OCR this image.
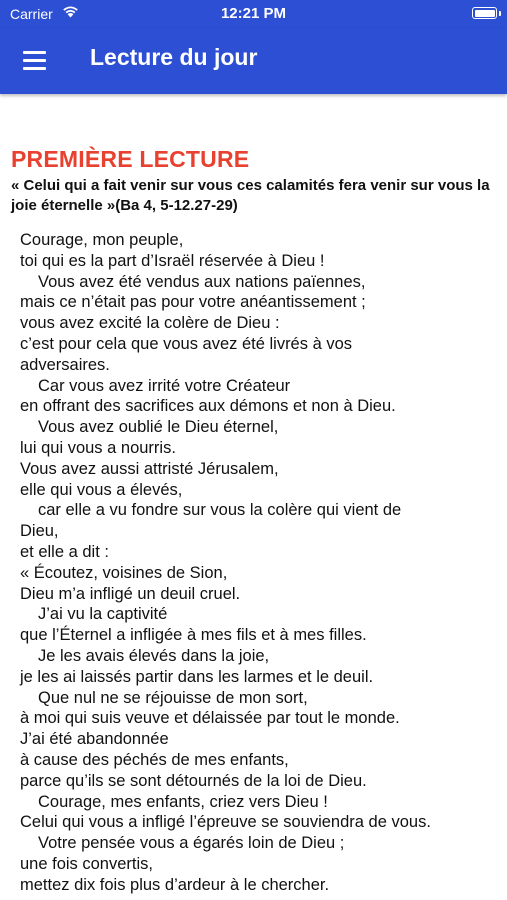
Carrier	12:21 PM
Lecture du jour
PREMIÈRE LECTURE
« Celui qui a fait venir sur vous ces calamités fera venir sur vous la joie éternelle »(Ba 4, 5-12.27-29)
Courage, mon peuple,
toi qui es la part d’Israël réservée à Dieu !
Vous avez été vendus aux nations païennes,
mais ce n’était pas pour votre anéantissement ;
vous avez excité la colère de Dieu :
c’est pour cela que vous avez été livrés à vos
adversaires.
Car vous avez irrité votre Créateur
en offrant des sacrifices aux démons et non à Dieu.
Vous avez oublié le Dieu éternel,
lui qui vous a nourris.
Vous avez aussi attristé Jérusalem,
elle qui vous a élevés,
car elle a vu fondre sur vous la colère qui vient de
Dieu,
et elle a dit :
« Écoutez, voisines de Sion,
Dieu m’a infligé un deuil cruel.
J’ai vu la captivité
que l’Éternel a infligée à mes fils et à mes filles.
Je les avais élevés dans la joie,
je les ai laissés partir dans les larmes et le deuil.
Que nul ne se réjouisse de mon sort,
à moi qui suis veuve et délaissée par tout le monde.
J’ai été abandonnée
à cause des péchés de mes enfants,
parce qu’ils se sont détournés de la loi de Dieu.
Courage, mes enfants, criez vers Dieu !
Celui qui vous a infligé l’épreuve se souviendra de vous.
Votre pensée vous a égarés loin de Dieu ;
une fois convertis,
mettez dix fois plus d’ardeur à le chercher.
